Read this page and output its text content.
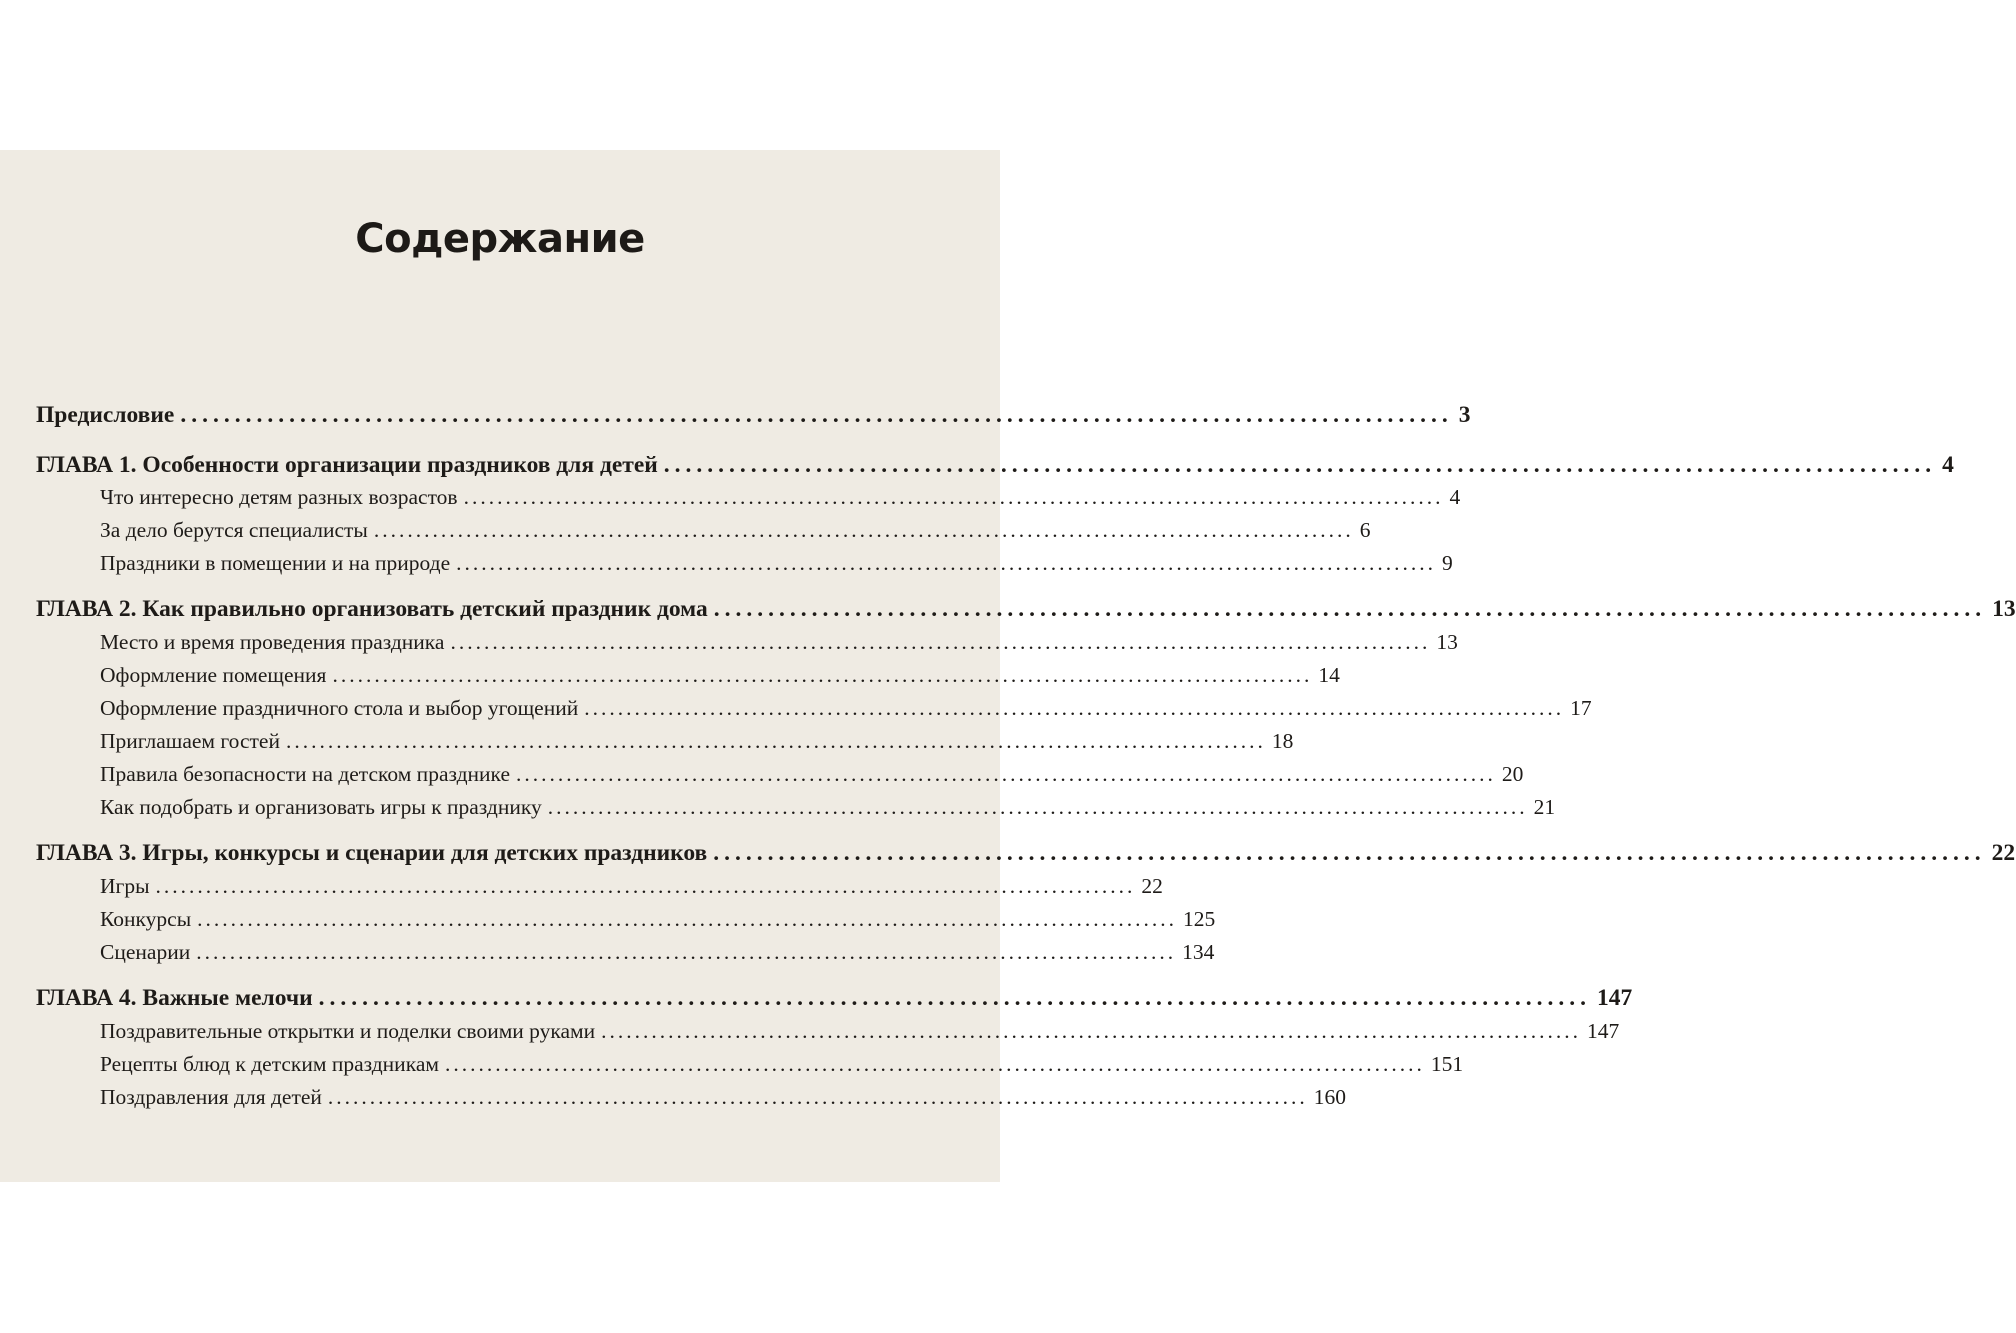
Содержание
Предисловие ..................................................................................................................... 3
ГЛАВА 1. Особенности организации праздников для детей ..................................................................................................................... 4
Что интересно детям разных возрастов ..................................................................................................................... 4
За дело берутся специалисты ..................................................................................................................... 6
Праздники в помещении и на природе ..................................................................................................................... 9
ГЛАВА 2. Как правильно организовать детский праздник дома ..................................................................................................................... 13
Место и время проведения праздника ..................................................................................................................... 13
Оформление помещения ..................................................................................................................... 14
Оформление праздничного стола и выбор угощений ..................................................................................................................... 17
Приглашаем гостей ..................................................................................................................... 18
Правила безопасности на детском празднике ..................................................................................................................... 20
Как подобрать и организовать игры к празднику ..................................................................................................................... 21
ГЛАВА 3. Игры, конкурсы и сценарии для детских праздников ..................................................................................................................... 22
Игры ..................................................................................................................... 22
Конкурсы ..................................................................................................................... 125
Сценарии ..................................................................................................................... 134
ГЛАВА 4. Важные мелочи ..................................................................................................................... 147
Поздравительные открытки и поделки своими руками ..................................................................................................................... 147
Рецепты блюд к детским праздникам ..................................................................................................................... 151
Поздравления для детей ..................................................................................................................... 160
